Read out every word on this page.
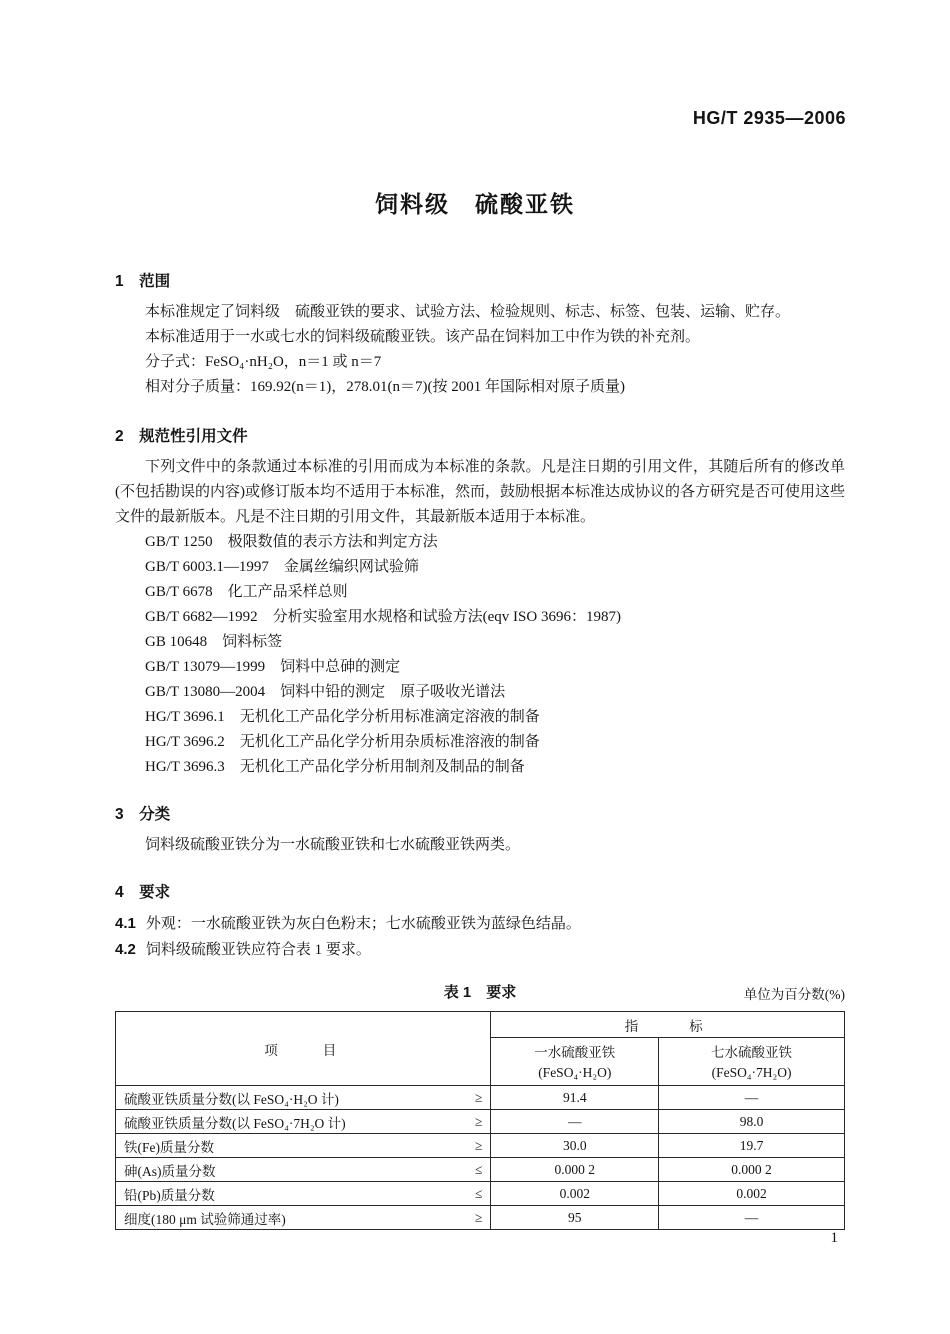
HG/T 2935—2006
饲料级　硫酸亚铁
1　范围

本标准规定了饲料级　硫酸亚铁的要求、试验方法、检验规则、标志、标签、包装、运输、贮存。

本标准适用于一水或七水的饲料级硫酸亚铁。该产品在饲料加工中作为铁的补充剂。

分子式：FeSO₄·nH₂O，n＝1 或 n＝7

相对分子质量：169.92(n＝1)，278.01(n＝7)(按 2001 年国际相对原子质量)

2　规范性引用文件

下列文件中的条款通过本标准的引用而成为本标准的条款。凡是注日期的引用文件，其随后所有的修改单(不包括勘误的内容)或修订版本均不适用于本标准，然而，鼓励根据本标准达成协议的各方研究是否可使用这些文件的最新版本。凡是不注日期的引用文件，其最新版本适用于本标准。

GB/T 1250　极限数值的表示方法和判定方法
GB/T 6003.1—1997　金属丝编织网试验筛
GB/T 6678　化工产品采样总则
GB/T 6682—1992　分析实验室用水规格和试验方法(eqv ISO 3696：1987)
GB 10648　饲料标签
GB/T 13079—1999　饲料中总砷的测定
GB/T 13080—2004　饲料中铅的测定　原子吸收光谱法
HG/T 3696.1　无机化工产品化学分析用标准滴定溶液的制备
HG/T 3696.2　无机化工产品化学分析用杂质标准溶液的制备
HG/T 3696.3　无机化工产品化学分析用制剂及制品的制备
3　分类

饲料级硫酸亚铁分为一水硫酸亚铁和七水硫酸亚铁两类。

4　要求
4.1 外观：一水硫酸亚铁为灰白色粉末；七水硫酸亚铁为蓝绿色结晶。
4.2 饲料级硫酸亚铁应符合表 1 要求。
表 1　要求	单位为百分数(%)
项　　目	指　　标	

一水硫酸亚铁
(FeSO₄·H₂O)

七水硫酸亚铁
(FeSO₄·7H₂O)

硫酸亚铁质量分数(以 FeSO₄·H₂O 计) ≥	91.4	—

硫酸亚铁质量分数(以 FeSO₄·7H₂O 计) ≥	—	98.0

铁(Fe)质量分数 ≥	30.0	19.7

砷(As)质量分数 ≤	0.000 2	0.000 2

铅(Pb)质量分数 ≤	0.002	0.002

细度(180 μm 试验筛通过率) ≥	95	—
1
